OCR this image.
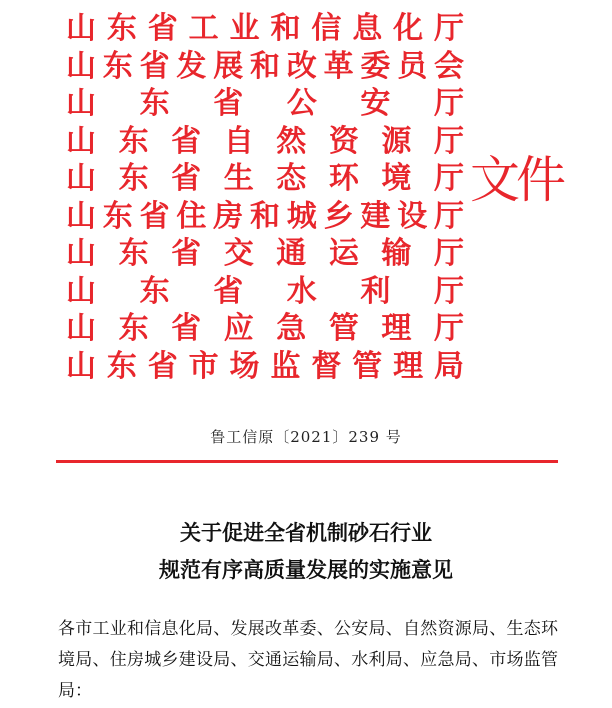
山东省工业和信息化厅
山东省发展和改革委员会
山东省公安厅
山东省自然资源厅
山东省生态环境厅
山东省住房和城乡建设厅
山东省交通运输厅
山东省水利厅
山东省应急管理厅
山东省市场监督管理局
文件
鲁工信原〔2021〕239 号
关于促进全省机制砂石行业
规范有序高质量发展的实施意见
各市工业和信息化局、发展改革委、公安局、自然资源局、生态环境局、住房城乡建设局、交通运输局、水利局、应急局、市场监管局：
